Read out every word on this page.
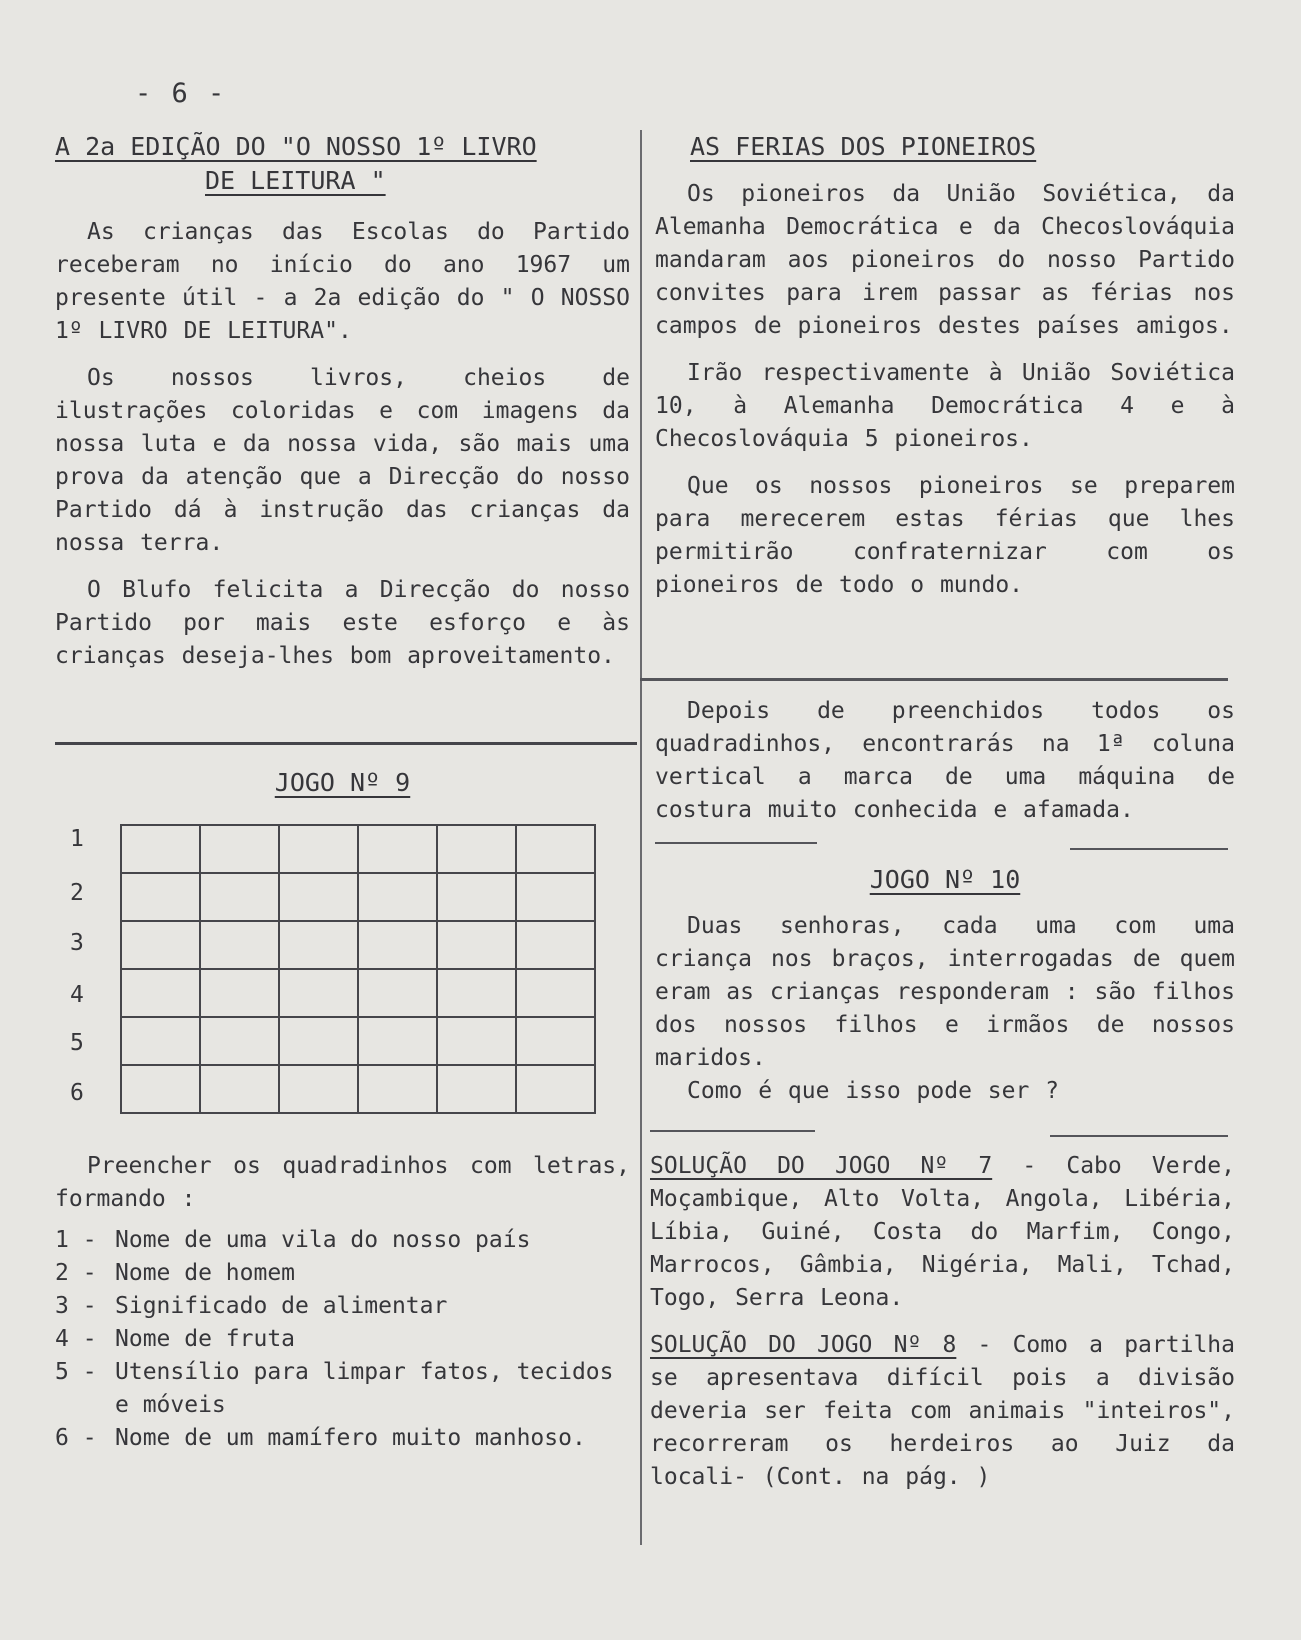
- 6 -
A 2a EDIÇÃO DO "O NOSSO 1º LIVRO
DE LEITURA "

As crianças das Escolas do Partido receberam no início do ano 1967 um presente útil - a 2a edição do " O NOSSO 1º LIVRO DE LEITURA".

Os nossos livros, cheios de ilustrações coloridas e com imagens da nossa luta e da nossa vida, são mais uma prova da atenção que a Direcção do nosso Partido dá à instrução das crianças da nossa terra.

O Blufo felicita a Direcção do nosso Partido por mais este esforço e às crianças deseja-lhes bom aproveitamento.

JOGO Nº 9
1
2
3
4
5
6

Preencher os quadradinhos com letras, formando :

1 - Nome de uma vila do nosso país
2 - Nome de homem
3 - Significado de alimentar
4 - Nome de fruta
5 - Utensílio para limpar fatos, tecidos e móveis
6 - Nome de um mamífero muito manhoso.
AS FERIAS DOS PIONEIROS

Os pioneiros da União Soviética, da Alemanha Democrática e da Checoslováquia mandaram aos pioneiros do nosso Partido convites para irem passar as férias nos campos de pioneiros destes países amigos.

Irão respectivamente à União Soviética 10, à Alemanha Democrática 4 e à Checoslováquia 5 pioneiros.

Que os nossos pioneiros se preparem para merecerem estas férias que lhes permitirão confraternizar com os pioneiros de todo o mundo.

Depois de preenchidos todos os quadradinhos, encontrarás na 1ª coluna vertical a marca de uma máquina de costura muito conhecida e afamada.

JOGO Nº 10

Duas senhoras, cada uma com uma criança nos braços, interrogadas de quem eram as crianças responderam : são filhos dos nossos filhos e irmãos de nossos maridos.

Como é que isso pode ser ?

SOLUÇÃO DO JOGO Nº 7 - Cabo Verde, Moçambique, Alto Volta, Angola, Libéria, Líbia, Guiné, Costa do Marfim, Congo, Marrocos, Gâmbia, Nigéria, Mali, Tchad, Togo, Serra Leona.

SOLUÇÃO DO JOGO Nº 8 - Como a partilha se apresentava difícil pois a divisão deveria ser feita com animais "inteiros", recorreram os herdeiros ao Juiz da locali- (Cont. na pág. )
